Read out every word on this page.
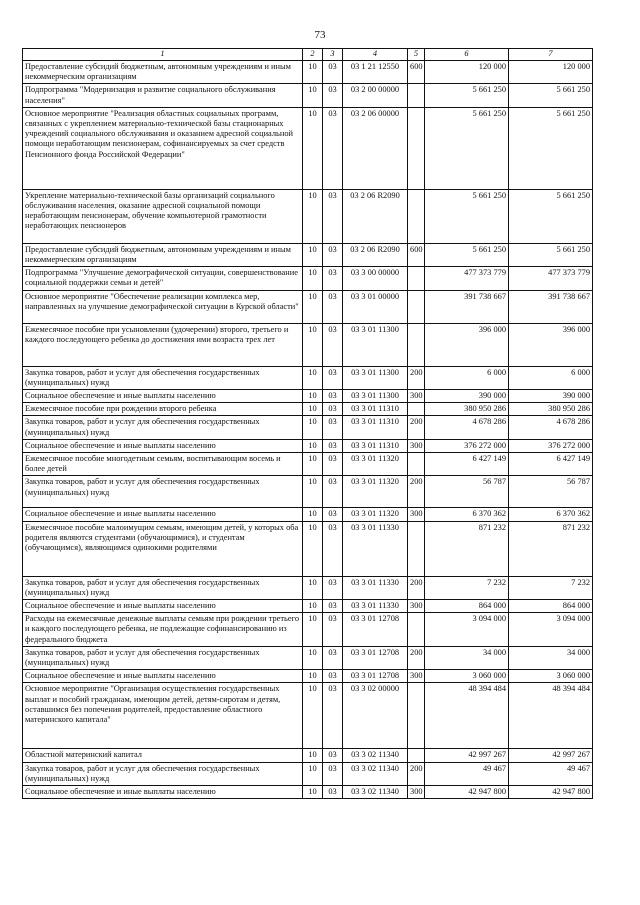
73
1	2	3	4	5	6	7
Предоставление субсидий бюджетным, автономным учреждениям и иным некоммерческим организациям	10	03	03 1 21 12550	600	120 000	120 000
Подпрограмма "Модернизация и развитие социального обслуживания населения"	10	03	03 2 00 00000		5 661 250	5 661 250
Основное мероприятие "Реализация областных социальных программ, связанных с укреплением материально-технической базы стационарных учреждений социального обслуживания и оказанием адресной социальной помощи неработающим пенсионерам, софинансируемых за счет средств Пенсионного фонда Российской Федерации"	10	03	03 2 06 00000		5 661 250	5 661 250
Укрепление материально-технической базы организаций социального обслуживания населения, оказание адресной социальной помощи неработающим пенсионерам, обучение компьютерной грамотности неработающих пенсионеров	10	03	03 2 06 R2090		5 661 250	5 661 250
Предоставление субсидий бюджетным, автономным учреждениям и иным некоммерческим организациям	10	03	03 2 06 R2090	600	5 661 250	5 661 250
Подпрограмма "Улучшение демографической ситуации, совершенствование социальной поддержки семьи и детей"	10	03	03 3 00 00000		477 373 779	477 373 779
Основное мероприятие "Обеспечение реализации комплекса мер, направленных на улучшение демографической ситуации в Курской области"	10	03	03 3 01 00000		391 738 667	391 738 667
Ежемесячное пособие при усыновлении (удочерении) второго, третьего и каждого последующего ребенка до достижения ими возраста трех лет	10	03	03 3 01 11300		396 000	396 000
Закупка товаров, работ и услуг для обеспечения государственных (муниципальных) нужд	10	03	03 3 01 11300	200	6 000	6 000
Социальное обеспечение и иные выплаты населению	10	03	03 3 01 11300	300	390 000	390 000
Ежемесячное пособие при рождении второго ребенка	10	03	03 3 01 11310		380 950 286	380 950 286
Закупка товаров, работ и услуг для обеспечения государственных (муниципальных) нужд	10	03	03 3 01 11310	200	4 678 286	4 678 286
Социальное обеспечение и иные выплаты населению	10	03	03 3 01 11310	300	376 272 000	376 272 000
Ежемесячное пособие многодетным семьям, воспитывающим восемь и более детей	10	03	03 3 01 11320		6 427 149	6 427 149
Закупка товаров, работ и услуг для обеспечения государственных (муниципальных) нужд	10	03	03 3 01 11320	200	56 787	56 787
Социальное обеспечение и иные выплаты населению	10	03	03 3 01 11320	300	6 370 362	6 370 362
Ежемесячное пособие малоимущим семьям, имеющим детей, у которых оба родителя являются студентами (обучающимися), и студентам (обучающимся), являющимся одинокими родителями	10	03	03 3 01 11330		871 232	871 232
Закупка товаров, работ и услуг для обеспечения государственных (муниципальных) нужд	10	03	03 3 01 11330	200	7 232	7 232
Социальное обеспечение и иные выплаты населению	10	03	03 3 01 11330	300	864 000	864 000
Расходы на ежемесячные денежные выплаты семьям при рождении третьего и каждого последующего ребенка, не подлежащие софинансированию из федерального бюджета	10	03	03 3 01 12708		3 094 000	3 094 000
Закупка товаров, работ и услуг для обеспечения государственных (муниципальных) нужд	10	03	03 3 01 12708	200	34 000	34 000
Социальное обеспечение и иные выплаты населению	10	03	03 3 01 12708	300	3 060 000	3 060 000
Основное мероприятие "Организация осуществления государственных выплат и пособий гражданам, имеющим детей, детям-сиротам и детям, оставшимся без попечения родителей, предоставление областного материнского капитала"	10	03	03 3 02 00000		48 394 484	48 394 484
Областной материнский капитал	10	03	03 3 02 11340		42 997 267	42 997 267
Закупка товаров, работ и услуг для обеспечения государственных (муниципальных) нужд	10	03	03 3 02 11340	200	49 467	49 467
Социальное обеспечение и иные выплаты населению	10	03	03 3 02 11340	300	42 947 800	42 947 800
